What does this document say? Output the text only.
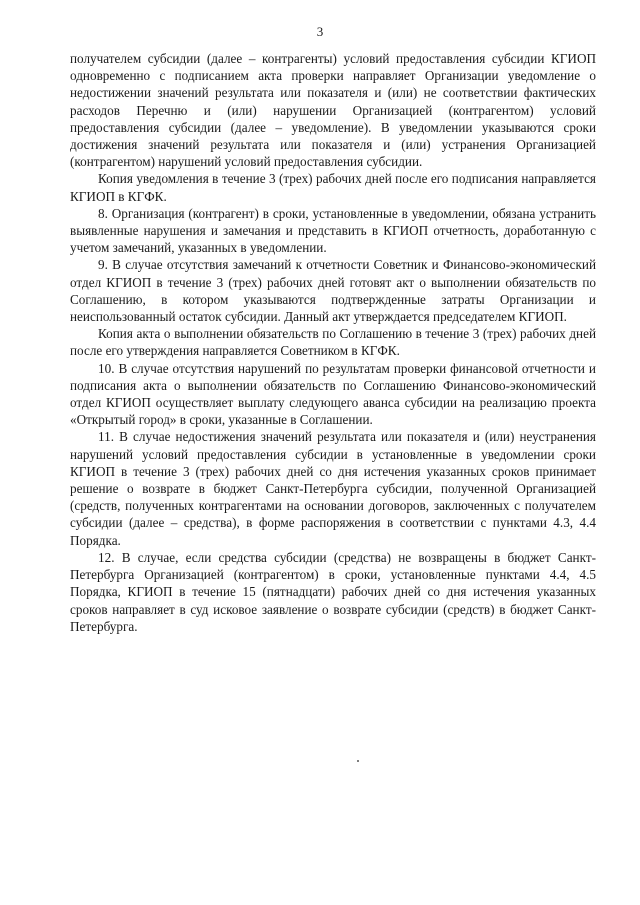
3

получателем субсидии (далее – контрагенты) условий предоставления субсидии КГИОП одновременно с подписанием акта проверки направляет Организации уведомление о недостижении значений результата или показателя и (или) не соответствии фактических расходов Перечню и (или) нарушении Организацией (контрагентом) условий предоставления субсидии (далее – уведомление). В уведомлении указываются сроки достижения значений результата или показателя и (или) устранения Организацией (контрагентом) нарушений условий предоставления субсидии.

Копия уведомления в течение 3 (трех) рабочих дней после его подписания направляется КГИОП в КГФК.

8. Организация (контрагент) в сроки, установленные в уведомлении, обязана устранить выявленные нарушения и замечания и представить в КГИОП отчетность, доработанную с учетом замечаний, указанных в уведомлении.

9. В случае отсутствия замечаний к отчетности Советник и Финансово-экономический отдел КГИОП в течение 3 (трех) рабочих дней готовят акт о выполнении обязательств по Соглашению, в котором указываются подтвержденные затраты Организации и неиспользованный остаток субсидии. Данный акт утверждается председателем КГИОП.

Копия акта о выполнении обязательств по Соглашению в течение 3 (трех) рабочих дней после его утверждения направляется Советником в КГФК.

10. В случае отсутствия нарушений по результатам проверки финансовой отчетности и подписания акта о выполнении обязательств по Соглашению Финансово-экономический отдел КГИОП осуществляет выплату следующего аванса субсидии на реализацию проекта «Открытый город» в сроки, указанные в Соглашении.

11. В случае недостижения значений результата или показателя и (или) неустранения нарушений условий предоставления субсидии в установленные в уведомлении сроки КГИОП в течение 3 (трех) рабочих дней со дня истечения указанных сроков принимает решение о возврате в бюджет Санкт-Петербурга субсидии, полученной Организацией (средств, полученных контрагентами на основании договоров, заключенных с получателем субсидии (далее – средства), в форме распоряжения в соответствии с пунктами 4.3, 4.4 Порядка.

12. В случае, если средства субсидии (средства) не возвращены в бюджет Санкт-Петербурга Организацией (контрагентом) в сроки, установленные пунктами 4.4, 4.5 Порядка, КГИОП в течение 15 (пятнадцати) рабочих дней со дня истечения указанных сроков направляет в суд исковое заявление о возврате субсидии (средств) в бюджет Санкт-Петербурга.
